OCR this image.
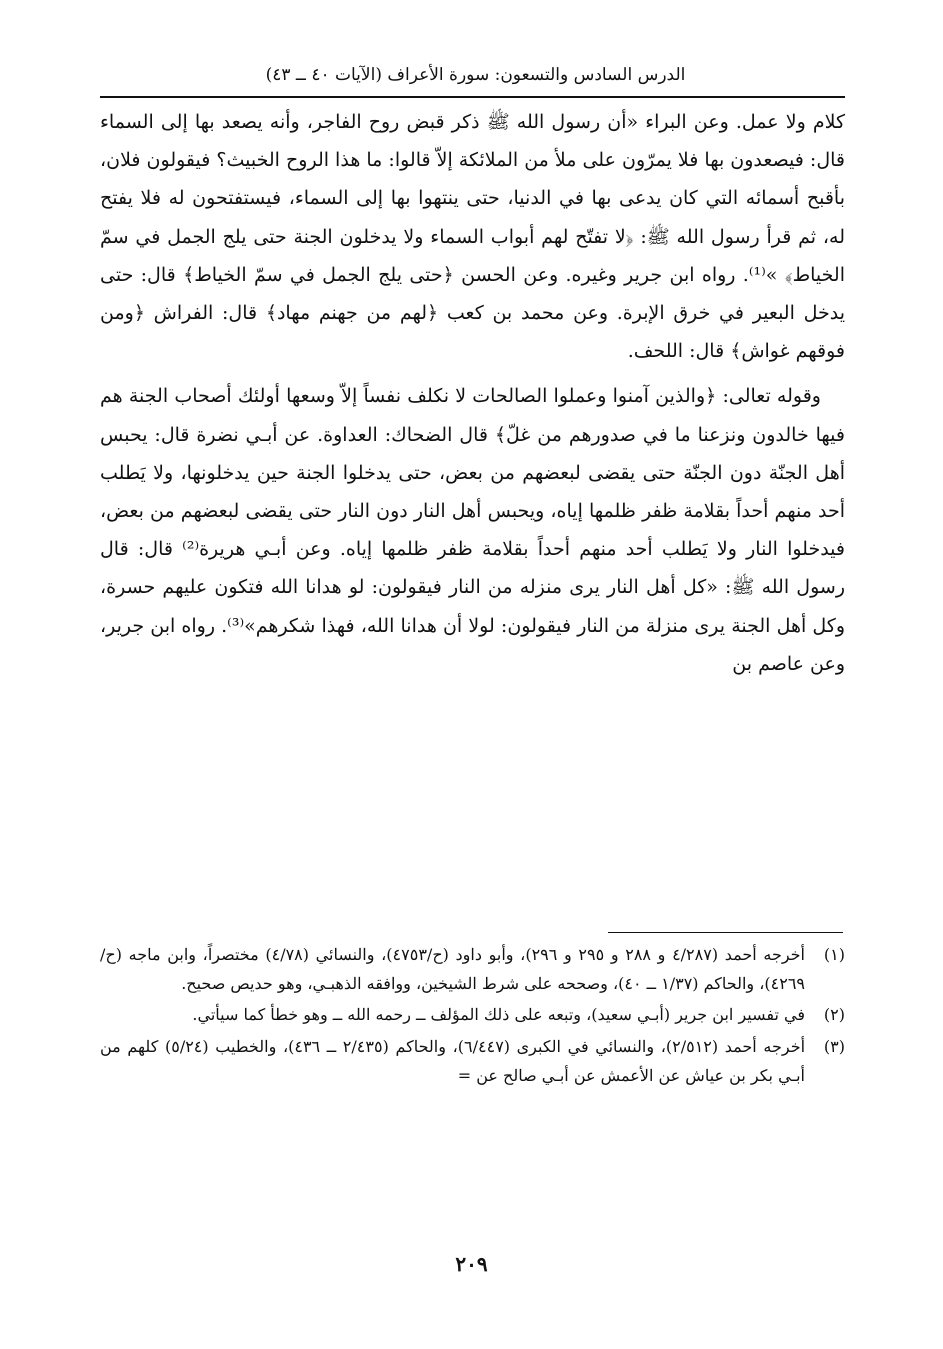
الدرس السادس والتسعون: سورة الأعراف (الآيات ٤٠ ــ ٤٣)

كلام ولا عمل. وعن البراء «أن رسول الله ﷺ ذكر قبض روح الفاجر، وأنه يصعد بها إلى السماء قال: فيصعدون بها فلا يمرّون على ملأ من الملائكة إلاّ قالوا: ما هذا الروح الخبيث؟ فيقولون فلان، بأقبح أسمائه التي كان يدعى بها في الدنيا، حتى ينتهوا بها إلى السماء، فيستفتحون له فلا يفتح له، ثم قرأ رسول الله ﷺ: ﴿لا تفتّح لهم أبواب السماء ولا يدخلون الجنة حتى يلج الجمل في سمّ الخياط﴾ »⁽¹⁾. رواه ابن جرير وغيره. وعن الحسن ﴿حتى يلج الجمل في سمّ الخياط﴾ قال: حتى يدخل البعير في خرق الإبرة. وعن محمد بن كعب ﴿لهم من جهنم مهاد﴾ قال: الفراش ﴿ومن فوقهم غواش﴾ قال: اللحف.

وقوله تعالى: ﴿والذين آمنوا وعملوا الصالحات لا نكلف نفساً إلاّ وسعها أولئك أصحاب الجنة هم فيها خالدون ونزعنا ما في صدورهم من غلّ﴾ قال الضحاك: العداوة. عن أبـي نضرة قال: يحبس أهل الجنّة دون الجنّة حتى يقضى لبعضهم من بعض، حتى يدخلوا الجنة حين يدخلونها، ولا يَطلب أحد منهم أحداً بقلامة ظفر ظلمها إياه، ويحبس أهل النار دون النار حتى يقضى لبعضهم من بعض، فيدخلوا النار ولا يَطلب أحد منهم أحداً بقلامة ظفر ظلمها إياه. وعن أبـي هريرة⁽²⁾ قال: قال رسول الله ﷺ: «كل أهل النار يرى منزله من النار فيقولون: لو هدانا الله فتكون عليهم حسرة، وكل أهل الجنة يرى منزلة من النار فيقولون: لولا أن هدانا الله، فهذا شكرهم»⁽³⁾. رواه ابن جرير، وعن عاصم بن

(١)
أخرجه أحمد (٤/٢٨٧ و ٢٨٨ و ٢٩٥ و ٢٩٦)، وأبو داود (ح/٤٧٥٣)، والنسائي (٤/٧٨) مختصراً، وابن ماجه (ح/٤٢٦٩)، والحاكم (١/٣٧ ــ ٤٠)، وصححه على شرط الشيخين، ووافقه الذهبـي، وهو حديص صحيح.
(٢)
في تفسير ابن جرير (أبـي سعيد)، وتبعه على ذلك المؤلف ــ رحمه الله ــ وهو خطأ كما سيأتي.
(٣)
أخرجه أحمد (٢/٥١٢)، والنسائي في الكبرى (٦/٤٤٧)، والحاكم (٢/٤٣٥ ــ ٤٣٦)، والخطيب (٥/٢٤) كلهم من أبـي بكر بن عياش عن الأعمش عن أبـي صالح عن =
٢٠٩
